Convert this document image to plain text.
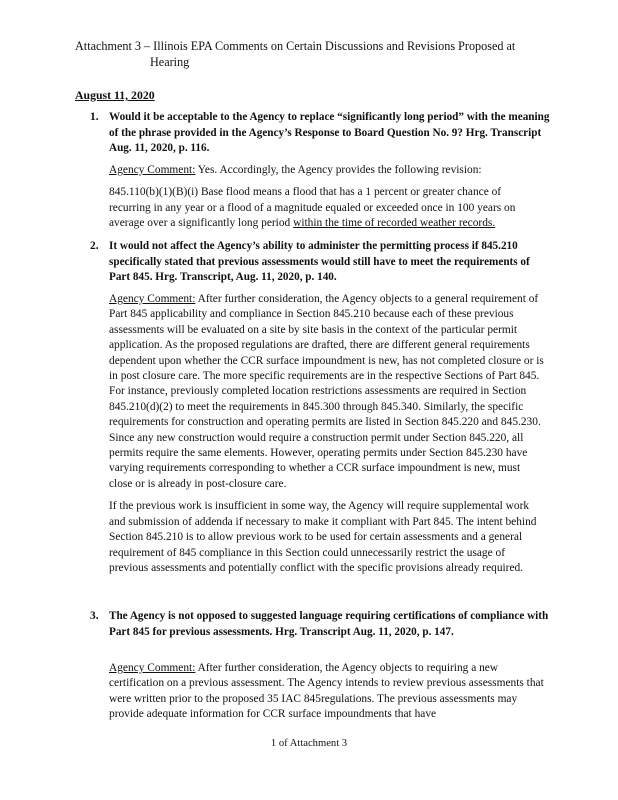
Attachment 3 – Illinois EPA Comments on Certain Discussions and Revisions Proposed at
Hearing
August 11, 2020
1. Would it be acceptable to the Agency to replace “significantly long period” with the meaning of the phrase provided in the Agency’s Response to Board Question No. 9? Hrg. Transcript Aug. 11, 2020, p. 116.

Agency Comment: Yes. Accordingly, the Agency provides the following revision:

845.110(b)(1)(B)(i) Base flood means a flood that has a 1 percent or greater chance of recurring in any year or a flood of a magnitude equaled or exceeded once in 100 years on average over a significantly long period within the time of recorded weather records.

2. It would not affect the Agency’s ability to administer the permitting process if 845.210 specifically stated that previous assessments would still have to meet the requirements of Part 845. Hrg. Transcript, Aug. 11, 2020, p. 140.

Agency Comment: After further consideration, the Agency objects to a general requirement of Part 845 applicability and compliance in Section 845.210 because each of these previous assessments will be evaluated on a site by site basis in the context of the particular permit application. As the proposed regulations are drafted, there are different general requirements dependent upon whether the CCR surface impoundment is new, has not completed closure or is in post closure care. The more specific requirements are in the respective Sections of Part 845. For instance, previously completed location restrictions assessments are required in Section 845.210(d)(2) to meet the requirements in 845.300 through 845.340. Similarly, the specific requirements for construction and operating permits are listed in Section 845.220 and 845.230. Since any new construction would require a construction permit under Section 845.220, all permits require the same elements. However, operating permits under Section 845.230 have varying requirements corresponding to whether a CCR surface impoundment is new, must close or is already in post-closure care.

If the previous work is insufficient in some way, the Agency will require supplemental work and submission of addenda if necessary to make it compliant with Part 845. The intent behind Section 845.210 is to allow previous work to be used for certain assessments and a general requirement of 845 compliance in this Section could unnecessarily restrict the usage of previous assessments and potentially conflict with the specific provisions already required.

3. The Agency is not opposed to suggested language requiring certifications of compliance with Part 845 for previous assessments. Hrg. Transcript Aug. 11, 2020, p. 147.

Agency Comment: After further consideration, the Agency objects to requiring a new certification on a previous assessment. The Agency intends to review previous assessments that were written prior to the proposed 35 IAC 845regulations. The previous assessments may provide adequate information for CCR surface impoundments that have

1 of Attachment 3
